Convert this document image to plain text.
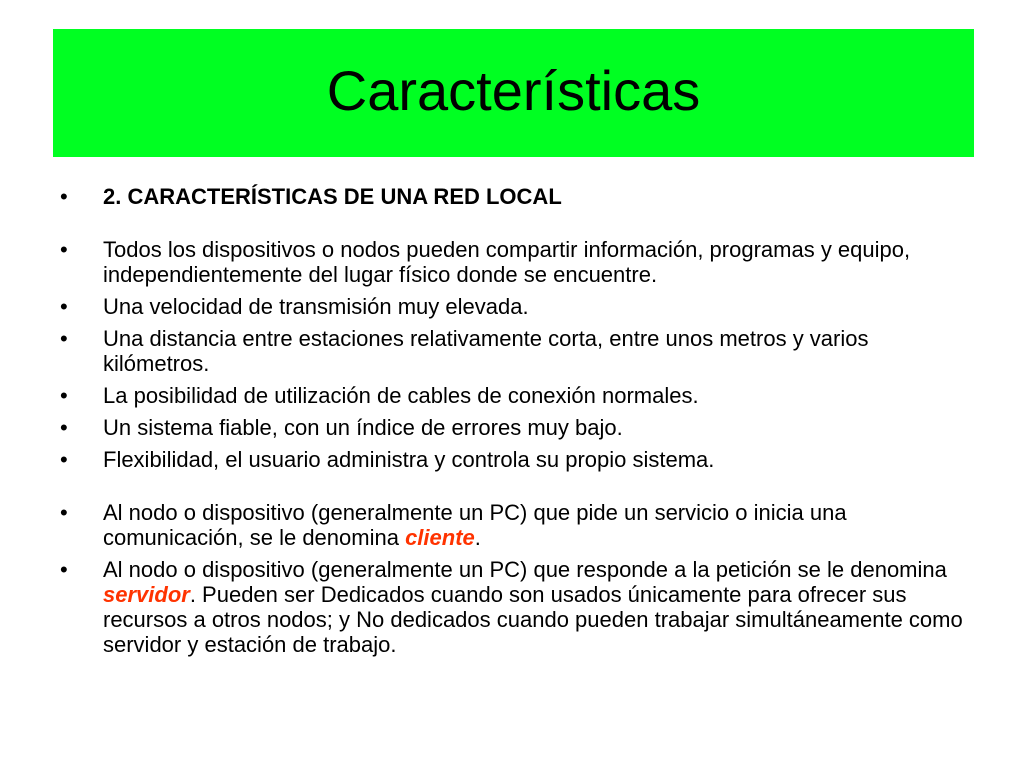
Características
•	2. CARACTERÍSTICAS DE UNA RED LOCAL
•	Todos los dispositivos o nodos pueden compartir información, programas y equipo, independientemente del lugar físico donde se encuentre.
•	Una velocidad de transmisión muy elevada.
•	Una distancia entre estaciones relativamente corta, entre unos metros y varios kilómetros.
•	La posibilidad de utilización de cables de conexión normales.
•	Un sistema fiable, con un índice de errores muy bajo.
•	Flexibilidad, el usuario administra y controla su propio sistema.
•	Al nodo o dispositivo (generalmente un PC) que pide un servicio o inicia una comunicación, se le denomina cliente.
•	Al nodo o dispositivo (generalmente un PC) que responde a la petición se le denomina servidor. Pueden ser Dedicados cuando son usados únicamente para ofrecer sus recursos a otros nodos; y No dedicados cuando pueden trabajar simultáneamente como servidor y estación de trabajo.
